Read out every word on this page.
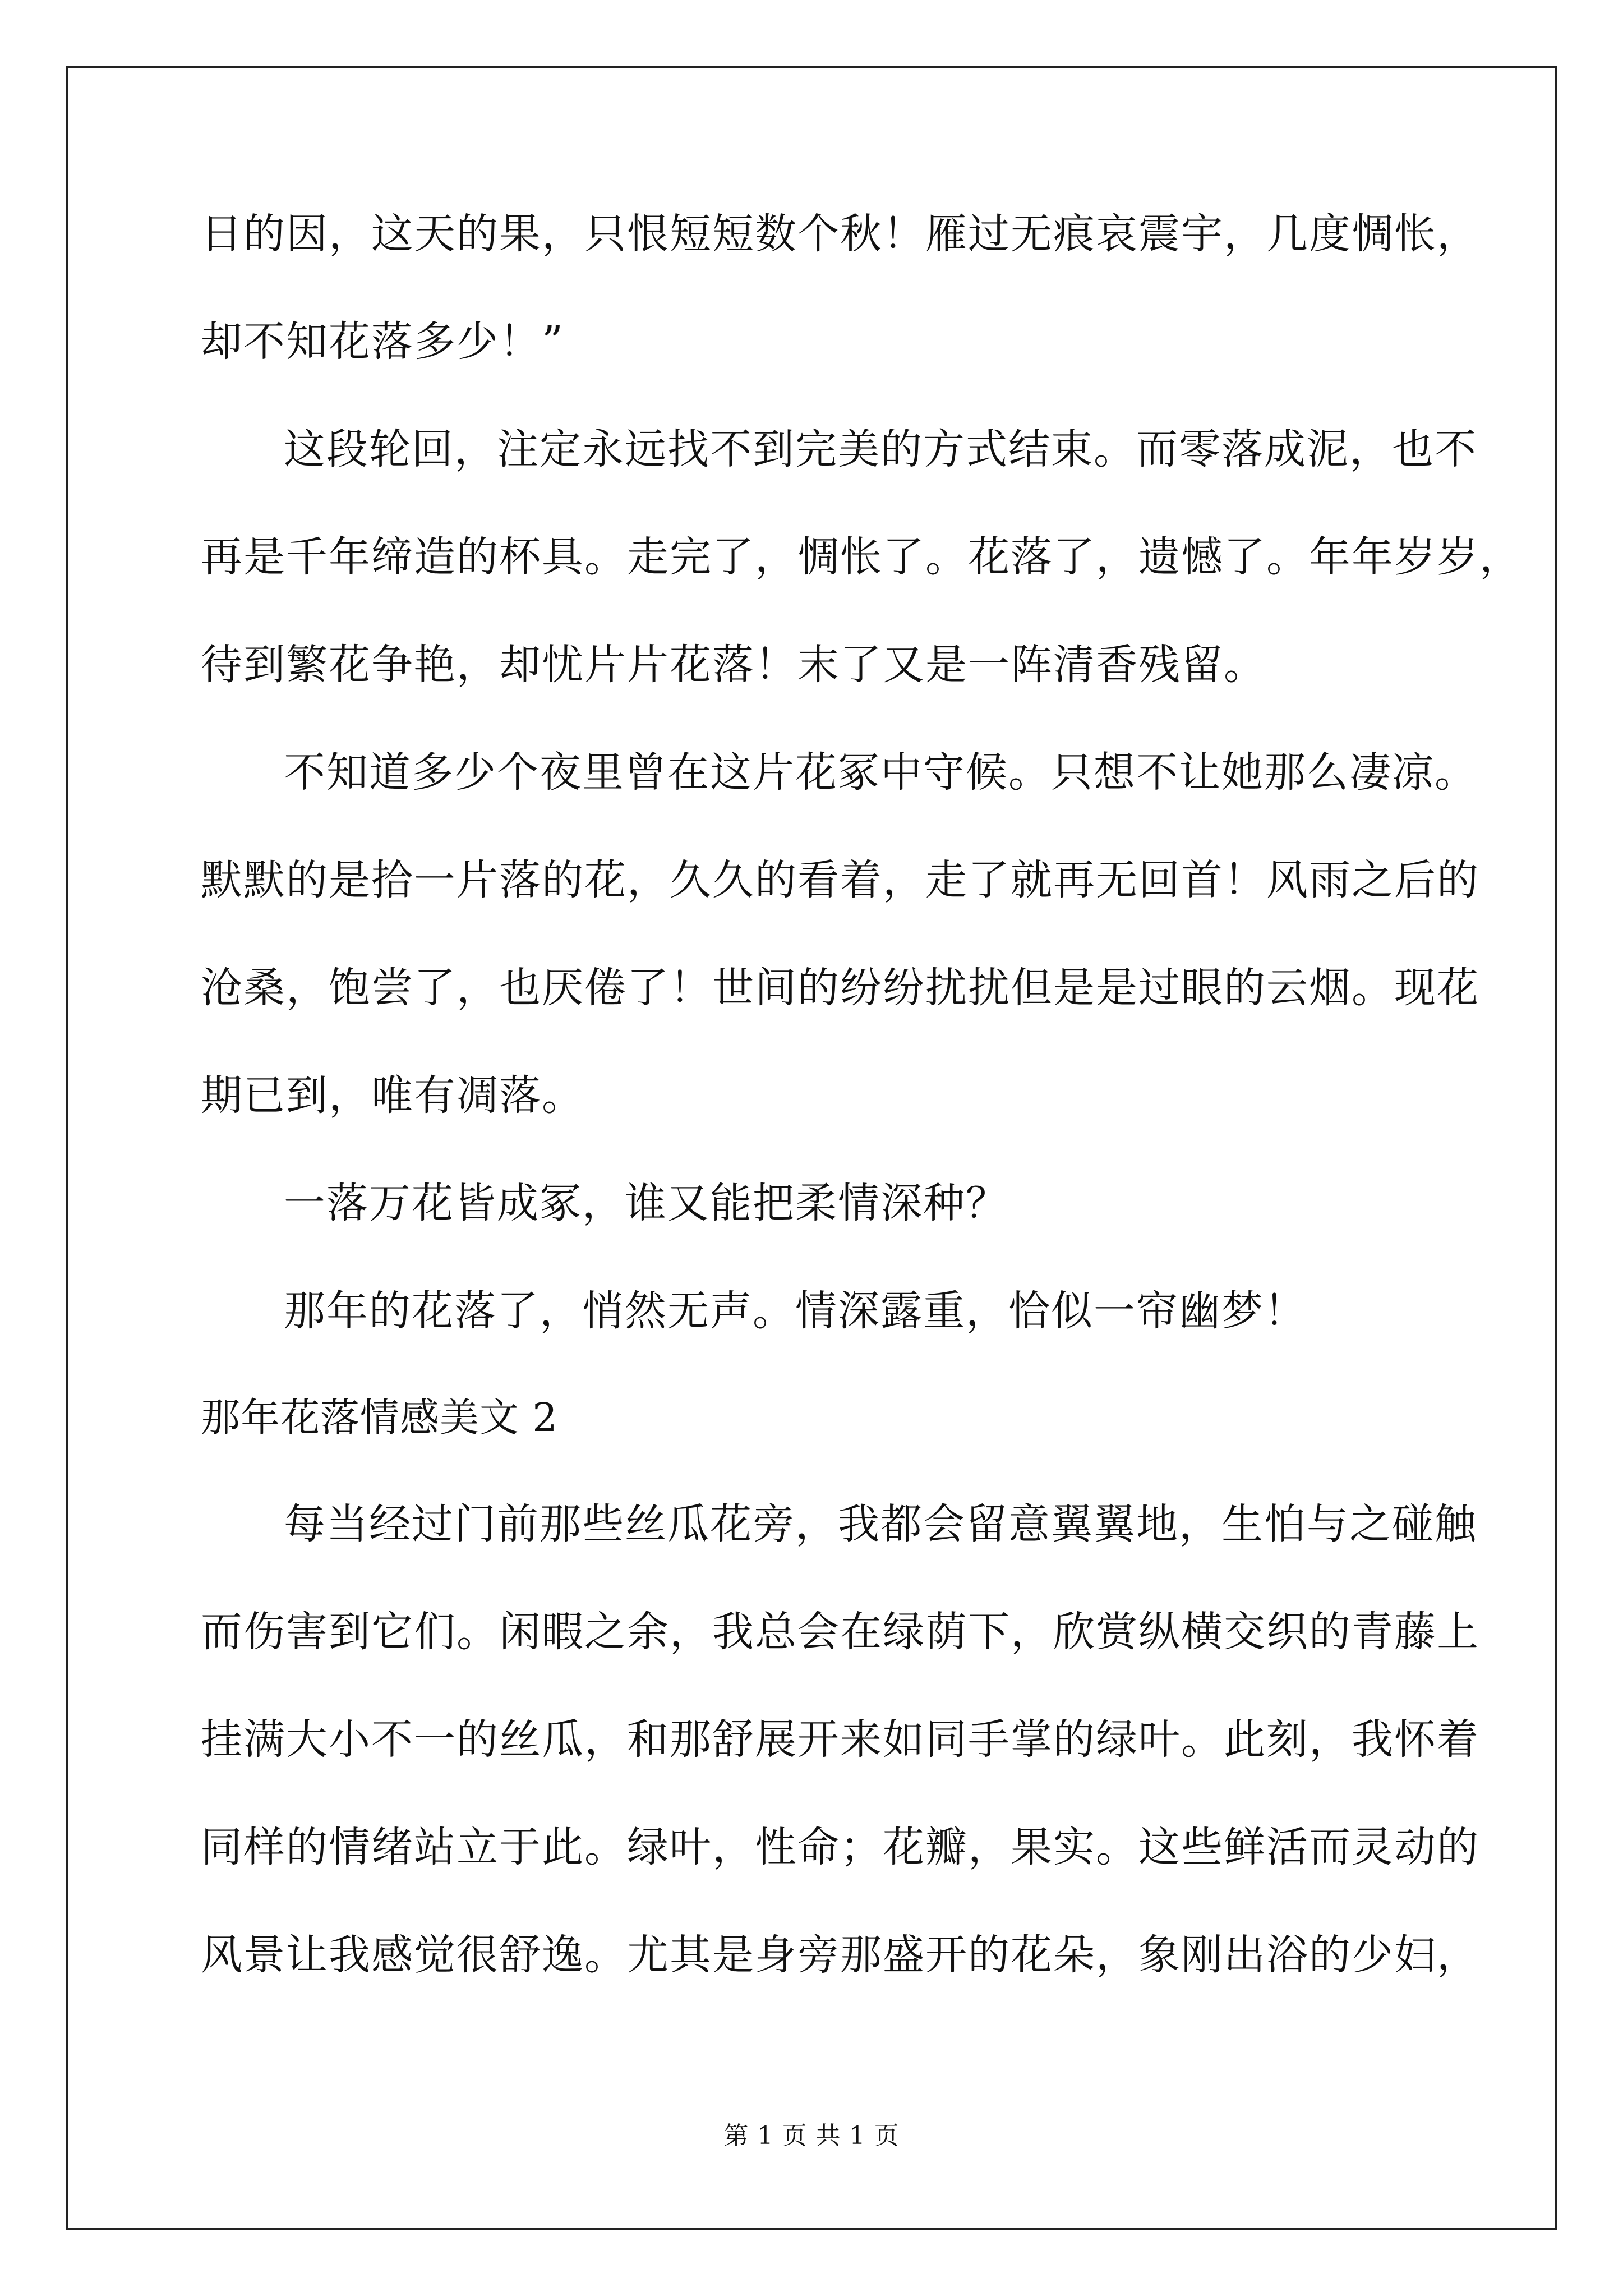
日的因，这天的果，只恨短短数个秋！雁过无痕哀震宇，几度惆怅，
却不知花落多少！”
这段轮回，注定永远找不到完美的方式结束。而零落成泥，也不
再是千年缔造的杯具。走完了，惆怅了。花落了，遗憾了。年年岁岁，
待到繁花争艳，却忧片片花落！末了又是一阵清香残留。
不知道多少个夜里曾在这片花冢中守候。只想不让她那么凄凉。
默默的是拾一片落的花，久久的看着，走了就再无回首！风雨之后的
沧桑，饱尝了，也厌倦了！世间的纷纷扰扰但是是过眼的云烟。现花
期已到，唯有凋落。
一落万花皆成冢，谁又能把柔情深种？
那年的花落了，悄然无声。情深露重，恰似一帘幽梦！
那年花落情感美文 2
每当经过门前那些丝瓜花旁，我都会留意翼翼地，生怕与之碰触
而伤害到它们。闲暇之余，我总会在绿荫下，欣赏纵横交织的青藤上
挂满大小不一的丝瓜，和那舒展开来如同手掌的绿叶。此刻，我怀着
同样的情绪站立于此。绿叶，性命；花瓣，果实。这些鲜活而灵动的
风景让我感觉很舒逸。尤其是身旁那盛开的花朵，象刚出浴的少妇，
第 1 页 共 1 页
